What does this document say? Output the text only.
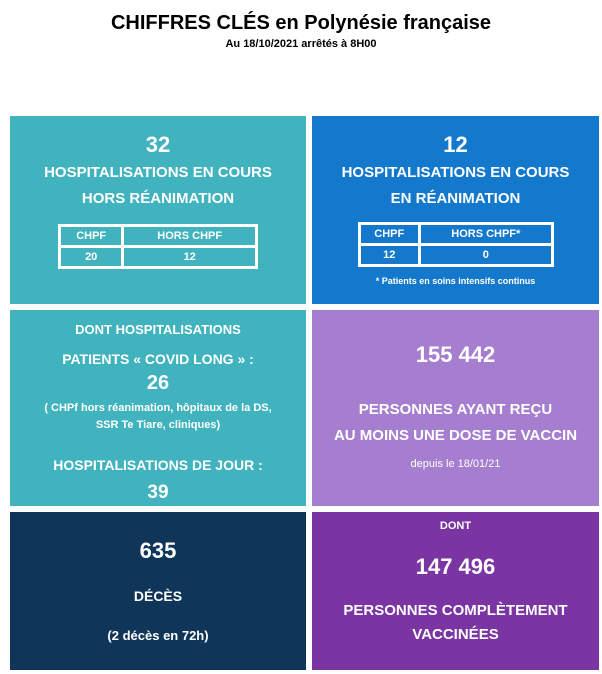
CHIFFRES CLÉS en Polynésie française
Au 18/10/2021 arrêtés à 8H00
32
HOSPITALISATIONS EN COURS
HORS RÉANIMATION
CHPF	HORS CHPF
20	12
12
HOSPITALISATIONS EN COURS
EN RÉANIMATION
CHPF	HORS CHPF*
12	0
* Patients en soins intensifs continus
DONT HOSPITALISATIONS
PATIENTS « COVID LONG » :
26
( CHPf hors réanimation, hôpitaux de la DS,
SSR Te Tiare, cliniques)
HOSPITALISATIONS DE JOUR :
39
155 442
PERSONNES AYANT REÇU
AU MOINS UNE DOSE DE VACCIN
depuis le 18/01/21
635
DÉCÈS
(2 décès en 72h)
DONT
147 496
PERSONNES COMPLÈTEMENT
VACCINÉES
